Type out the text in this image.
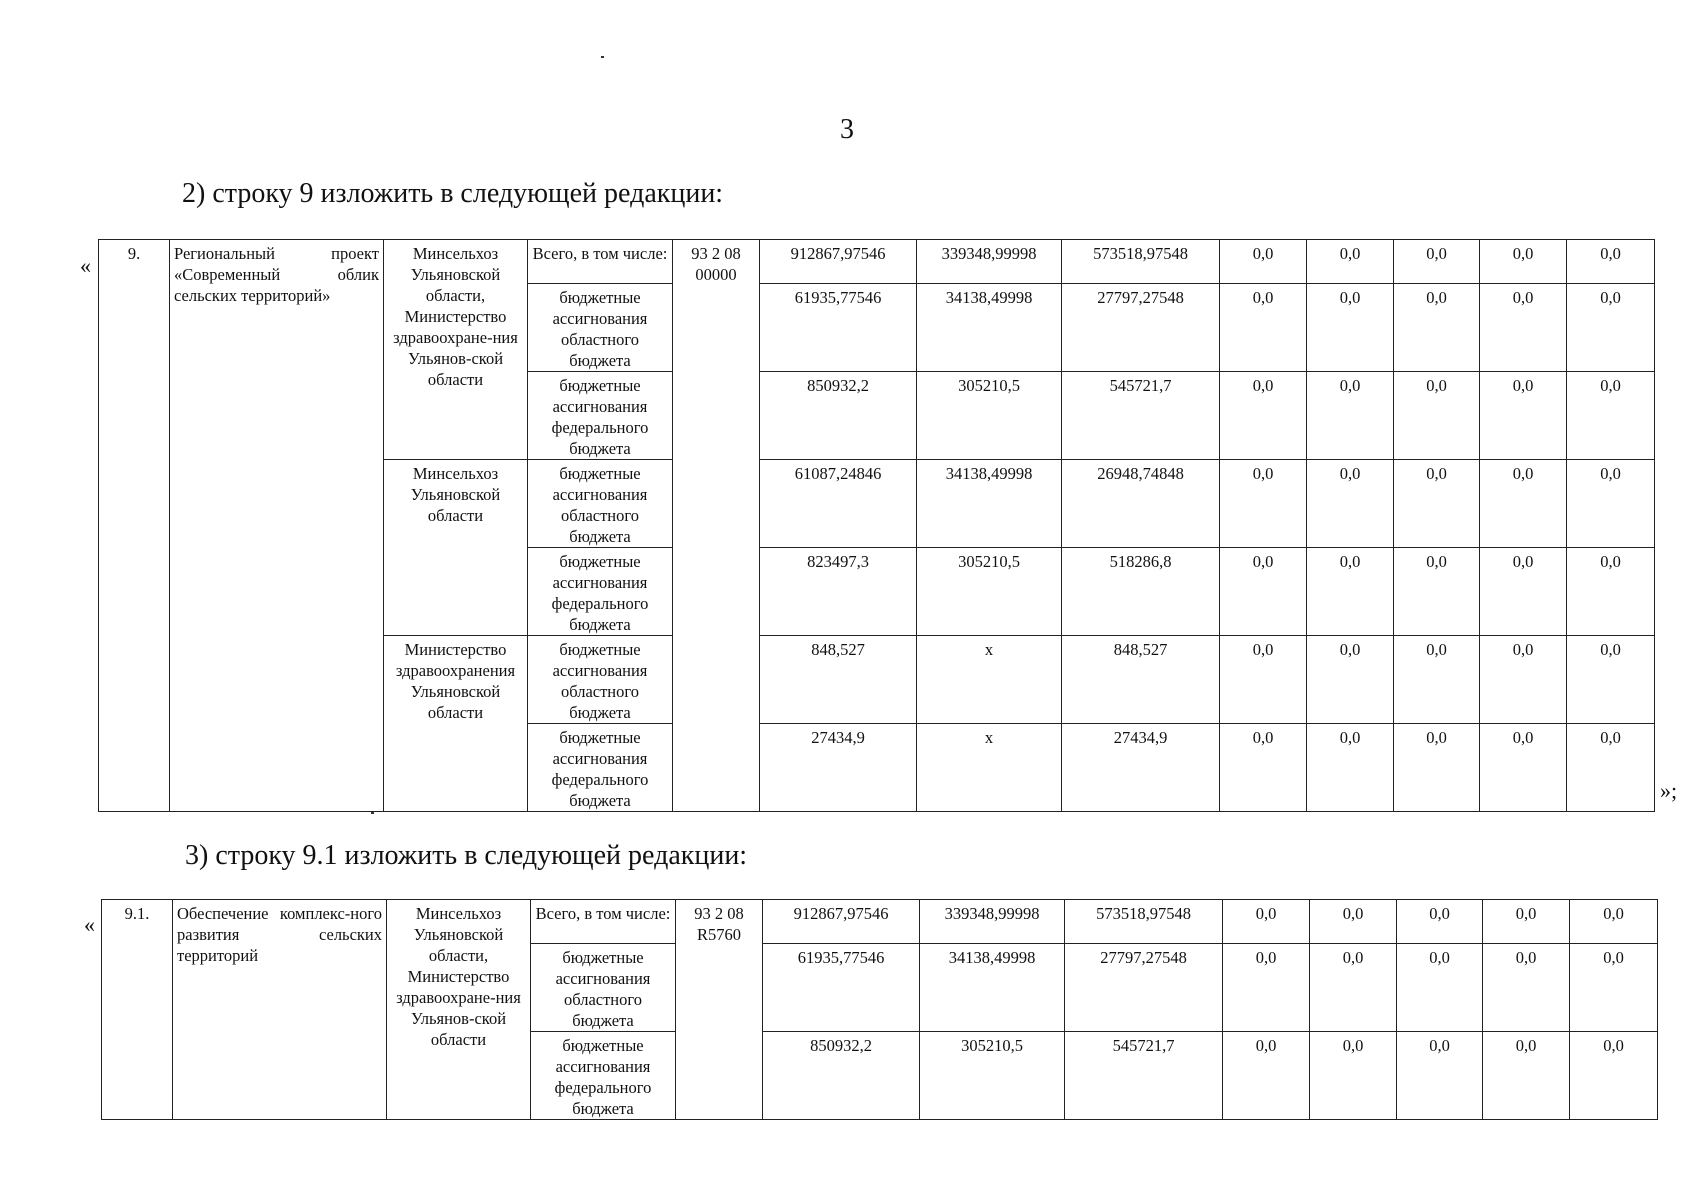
3
2) строку 9 изложить в следующей редакции:
«
»;
9.	Региональный проект «Современный облик сельских территорий»	Минсельхоз Ульяновской области, Министерство здравоохране-ния Ульянов-ской области	Всего, в том числе:	93 2 08 00000	912867,97546	339348,99998	573518,97548	0,0	0,0	0,0	0,0	0,0
			бюджетные ассигнования областного бюджета		61935,77546	34138,49998	27797,27548	0,0	0,0	0,0	0,0	0,0
			бюджетные ассигнования федерального бюджета		850932,2	305210,5	545721,7	0,0	0,0	0,0	0,0	0,0
		Минсельхоз Ульяновской области	бюджетные ассигнования областного бюджета		61087,24846	34138,49998	26948,74848	0,0	0,0	0,0	0,0	0,0
			бюджетные ассигнования федерального бюджета		823497,3	305210,5	518286,8	0,0	0,0	0,0	0,0	0,0
		Министерство здравоохранения Ульяновской области	бюджетные ассигнования областного бюджета		848,527	х	848,527	0,0	0,0	0,0	0,0	0,0
			бюджетные ассигнования федерального бюджета		27434,9	х	27434,9	0,0	0,0	0,0	0,0	0,0
3) строку 9.1 изложить в следующей редакции:
« 9.1.	Обеспечение комплекс-ного развития сельских территорий	Минсельхоз Ульяновской области, Министерство здравоохране-ния Ульянов-ской области	Всего, в том числе:	93 2 08 R5760	912867,97546	339348,99998	573518,97548	0,0	0,0	0,0	0,0	0,0
			бюджетные ассигнования областного бюджета		61935,77546	34138,49998	27797,27548	0,0	0,0	0,0	0,0	0,0
			бюджетные ассигнования федерального бюджета		850932,2	305210,5	545721,7	0,0	0,0	0,0	0,0	0,0
